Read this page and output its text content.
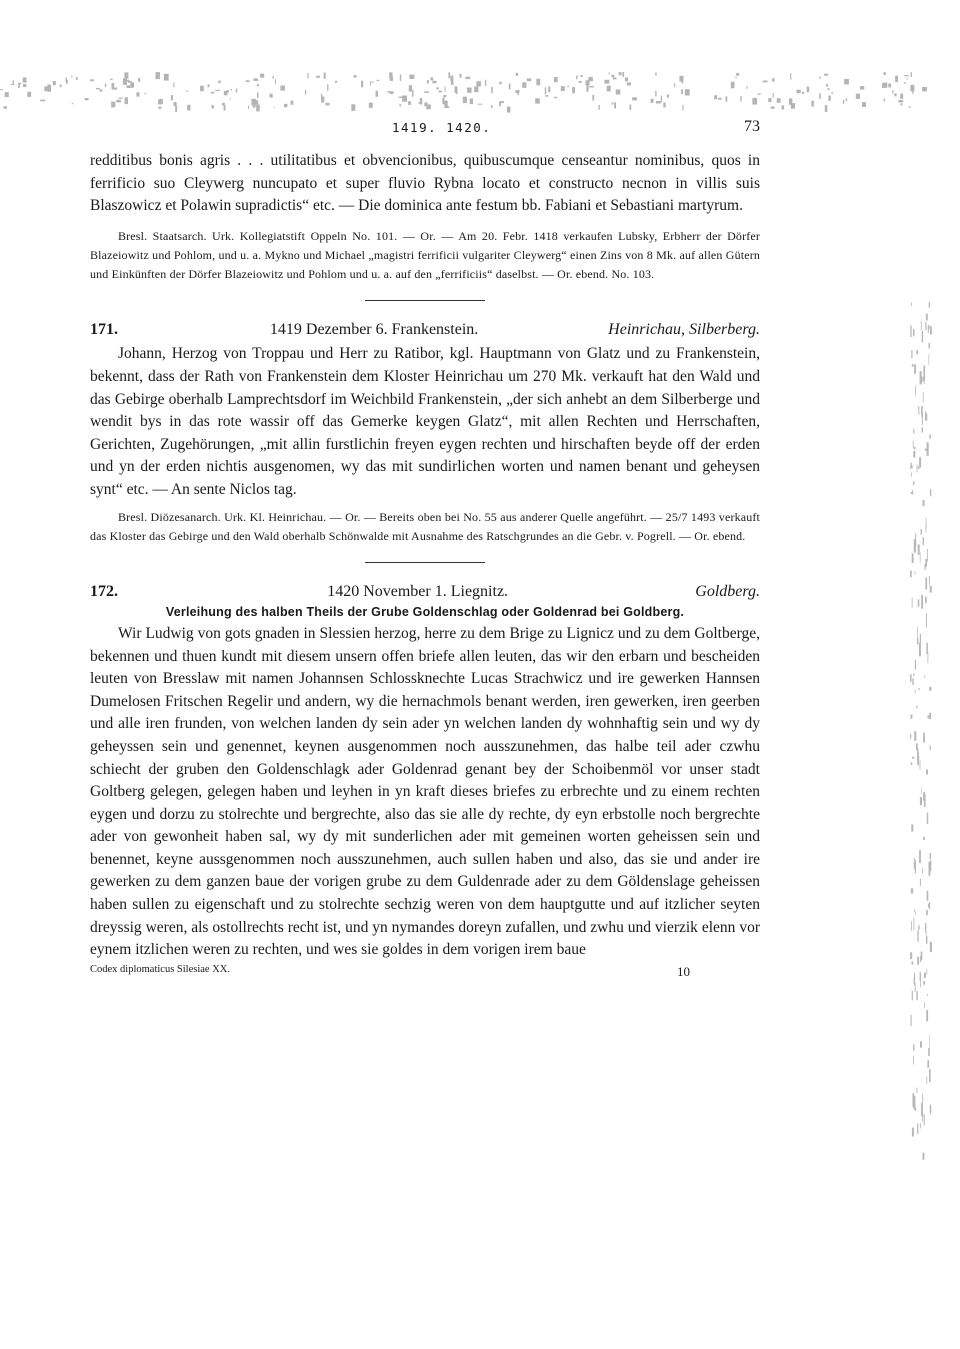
1419. 1420.	73

redditibus bonis agris . . . utilitatibus et obvencionibus, quibuscumque censeantur nominibus, quos in ferrificio suo Cleywerg nuncupato et super fluvio Rybna locato et constructo necnon in villis suis Blaszowicz et Polawin supradictis“ etc. — Die dominica ante festum bb. Fabiani et Sebastiani martyrum.

Bresl. Staatsarch. Urk. Kollegiatstift Oppeln No. 101. — Or. — Am 20. Febr. 1418 verkaufen Lubsky, Erbherr der Dörfer Blazeiowitz und Pohlom, und u. a. Mykno und Michael „magistri ferrificii vulgariter Cleywerg“ einen Zins von 8 Mk. auf allen Gütern und Einkünften der Dörfer Blazeiowitz und Pohlom und u. a. auf den „ferrificiis“ daselbst. — Or. ebend. No. 103.

171.	1419 Dezember 6. Frankenstein.	Heinrichau, Silberberg.

Johann, Herzog von Troppau und Herr zu Ratibor, kgl. Hauptmann von Glatz und zu Frankenstein, bekennt, dass der Rath von Frankenstein dem Kloster Heinrichau um 270 Mk. verkauft hat den Wald und das Gebirge oberhalb Lamprechtsdorf im Weichbild Frankenstein, „der sich anhebt an dem Silberberge und wendit bys in das rote wassir off das Gemerke keygen Glatz“, mit allen Rechten und Herrschaften, Gerichten, Zugehörungen, „mit allin furstlichin freyen eygen rechten und hirschaften beyde off der erden und yn der erden nichtis ausgenomen, wy das mit sundirlichen worten und namen benant und geheysen synt“ etc. — An sente Niclos tag.

Bresl. Diözesanarch. Urk. Kl. Heinrichau. — Or. — Bereits oben bei No. 55 aus anderer Quelle angeführt. — 25/7 1493 verkauft das Kloster das Gebirge und den Wald oberhalb Schönwalde mit Ausnahme des Ratschgrundes an die Gebr. v. Pogrell. — Or. ebend.

172.	1420 November 1. Liegnitz.	Goldberg.
Verleihung des halben Theils der Grube Goldenschlag oder Goldenrad bei Goldberg.

Wir Ludwig von gots gnaden in Slessien herzog, herre zu dem Brige zu Lignicz und zu dem Goltberge, bekennen und thuen kundt mit diesem unsern offen briefe allen leuten, das wir den erbarn und bescheiden leuten von Bresslaw mit namen Johannsen Schlossknechte Lucas Strachwicz und ire gewerken Hannsen Dumelosen Fritschen Regelir und andern, wy die hernachmols benant werden, iren gewerken, iren geerben und alle iren frunden, von welchen landen dy sein ader yn welchen landen dy wohnhaftig sein und wy dy geheyssen sein und genennet, keynen ausgenommen noch ausszunehmen, das halbe teil ader czwhu schiecht der gruben den Goldenschlagk ader Goldenrad genant bey der Schoibenmöl vor unser stadt Goltberg gelegen, gelegen haben und leyhen in yn kraft dieses briefes zu erbrechte und zu einem rechten eygen und dorzu zu stolrechte und bergrechte, also das sie alle dy rechte, dy eyn erbstolle noch bergrechte ader von gewonheit haben sal, wy dy mit sunderlichen ader mit gemeinen worten geheissen sein und benennet, keyne aussgenommen noch ausszunehmen, auch sullen haben und also, das sie und ander ire gewerken zu dem ganzen baue der vorigen grube zu dem Guldenrade ader zu dem Göldenslage geheissen haben sullen zu eigenschaft und zu stolrechte sechzig weren von dem hauptgutte und auf itzlicher seyten dreyssig weren, als ostollrechts recht ist, und yn nymandes doreyn zufallen, und zwhu und vierzik elenn vor eynem itzlichen weren zu rechten, und wes sie goldes in dem vorigen irem baue

Codex diplomaticus Silesiae XX.	10
